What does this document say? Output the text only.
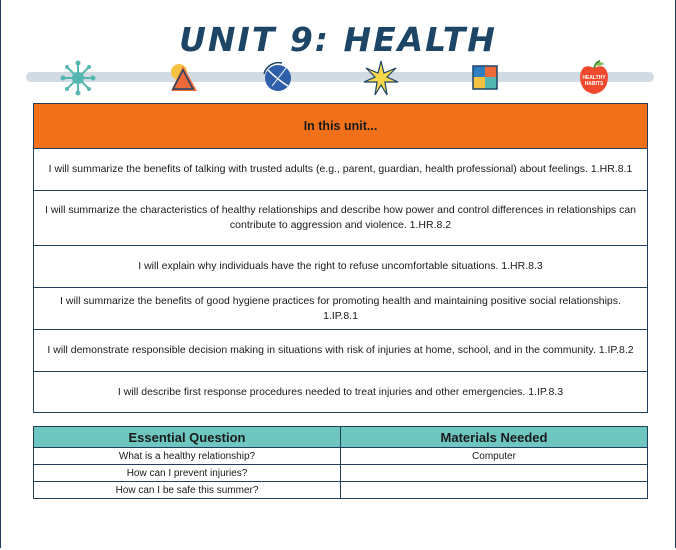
UNIT 9: HEALTH
HEALTHY
HABITS
In this unit...
I will summarize the benefits of talking with trusted adults (e.g., parent, guardian, health professional) about feelings. 1.HR.8.1
I will summarize the characteristics of healthy relationships and describe how power and control differences in relationships can contribute to aggression and violence. 1.HR.8.2
I will explain why individuals have the right to refuse uncomfortable situations. 1.HR.8.3
I will summarize the benefits of good hygiene practices for promoting health and maintaining positive social relationships. 1.IP.8.1
I will demonstrate responsible decision making in situations with risk of injuries at home, school, and in the community. 1.IP.8.2
I will describe first response procedures needed to treat injuries and other emergencies. 1.IP.8.3
Essential Question	Materials Needed
What is a healthy relationship?	Computer
How can I prevent injuries?	
How can I be safe this summer?	
